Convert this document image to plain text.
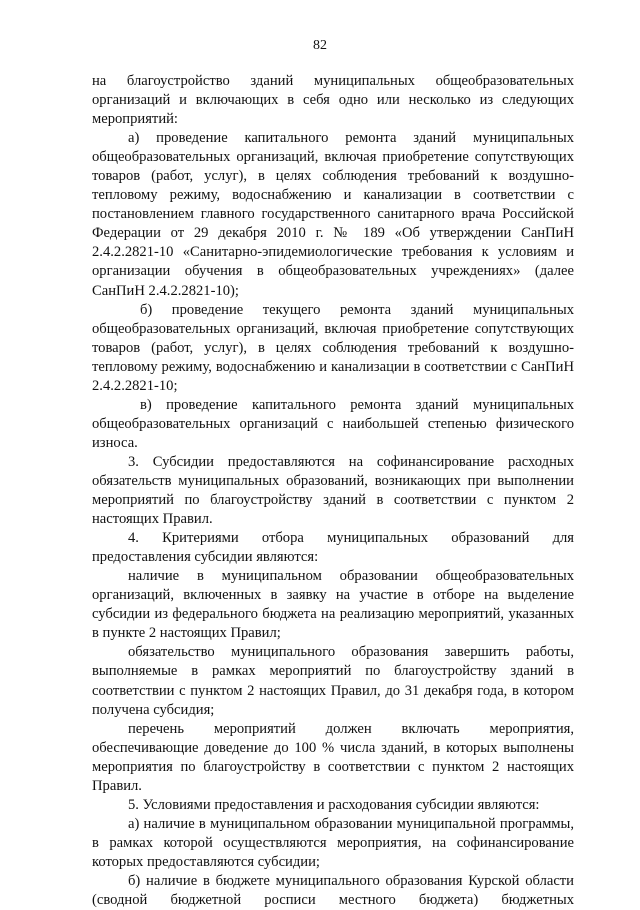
82

на благоустройство зданий муниципальных общеобразовательных организаций и включающих в себя одно или несколько из следующих мероприятий:

а) проведение капитального ремонта зданий муниципальных общеобразовательных организаций, включая приобретение сопутствующих товаров (работ, услуг), в целях соблюдения требований к воздушно-тепловому режиму, водоснабжению и канализации в соответствии с постановлением главного государственного санитарного врача Российской Федерации от 29 декабря 2010 г. № 189 «Об утверждении СанПиН 2.4.2.2821-10 «Санитарно-эпидемиологические требования к условиям и организации обучения в общеобразовательных учреждениях» (далее СанПиН 2.4.2.2821-10);

б) проведение текущего ремонта зданий муниципальных общеобразовательных организаций, включая приобретение сопутствующих товаров (работ, услуг), в целях соблюдения требований к воздушно-тепловому режиму, водоснабжению и канализации в соответствии с СанПиН 2.4.2.2821-10;

в) проведение капитального ремонта зданий муниципальных общеобразовательных организаций с наибольшей степенью физического износа.

3. Субсидии предоставляются на софинансирование расходных обязательств муниципальных образований, возникающих при выполнении мероприятий по благоустройству зданий в соответствии с пунктом 2 настоящих Правил.

4. Критериями отбора муниципальных образований для предоставления субсидии являются:

наличие в муниципальном образовании общеобразовательных организаций, включенных в заявку на участие в отборе на выделение субсидии из федерального бюджета на реализацию мероприятий, указанных в пункте 2 настоящих Правил;

обязательство муниципального образования завершить работы, выполняемые в рамках мероприятий по благоустройству зданий в соответствии с пунктом 2 настоящих Правил, до 31 декабря года, в котором получена субсидия;

перечень мероприятий должен включать мероприятия, обеспечивающие доведение до 100 % числа зданий, в которых выполнены мероприятия по благоустройству в соответствии с пунктом 2 настоящих Правил.

5. Условиями предоставления и расходования субсидии являются:

а) наличие в муниципальном образовании муниципальной программы, в рамках которой осуществляются мероприятия, на софинансирование которых предоставляются субсидии;

б) наличие в бюджете муниципального образования Курской области (сводной бюджетной росписи местного бюджета) бюджетных
